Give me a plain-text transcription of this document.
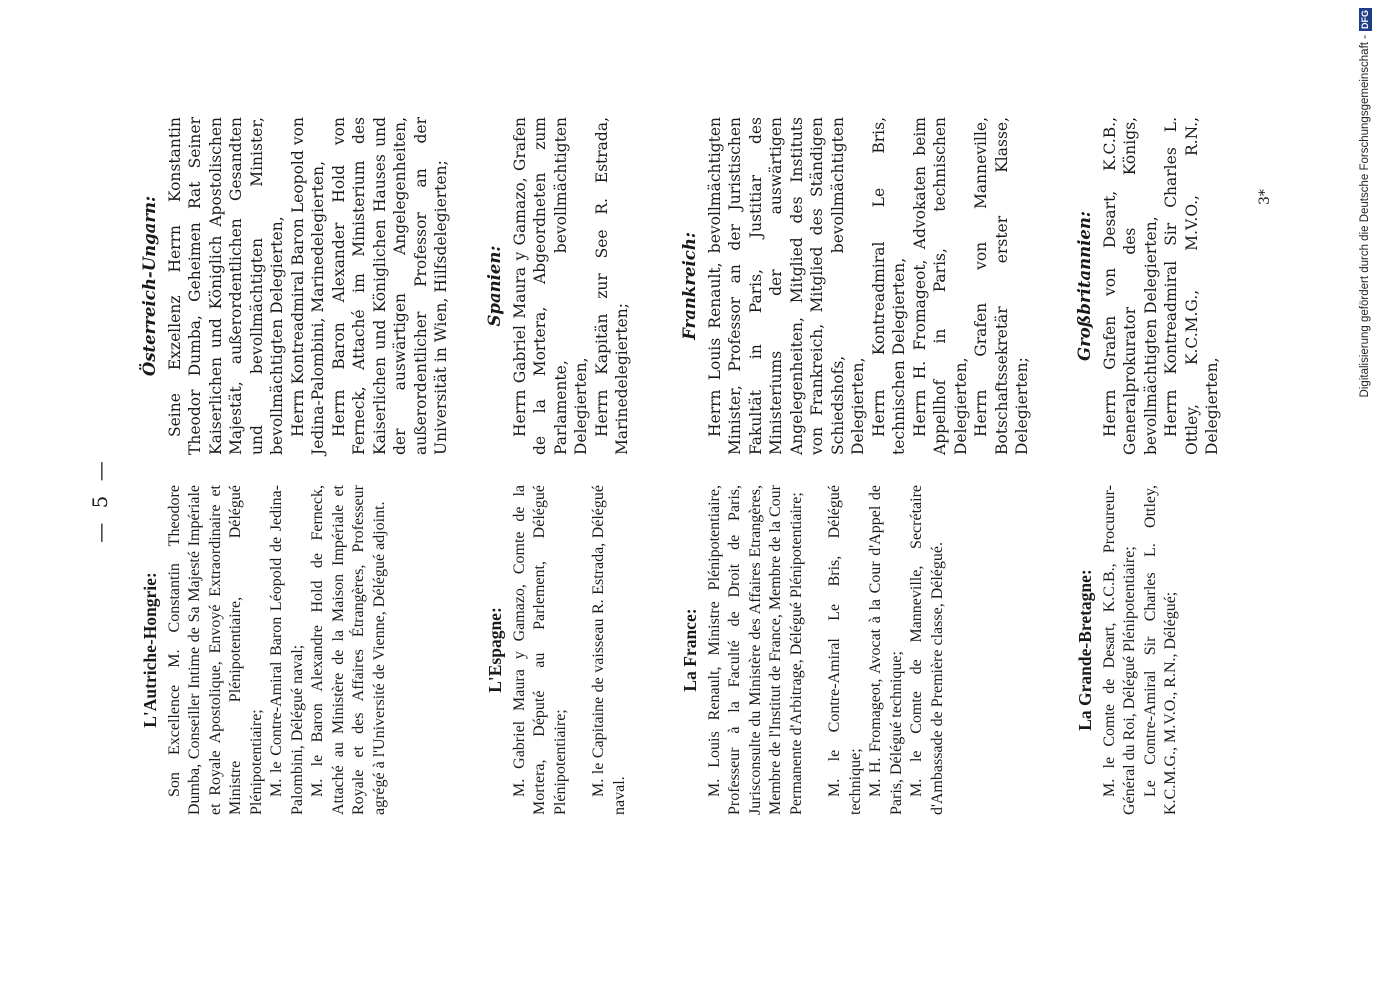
— 5 —
L'Autriche-Hongrie: Son Excellence M. Constantin Theodore Dumba, Conseiller Intime de Sa Majesté Impériale et Royale Apostolique, Envoyé Extraordinaire et Ministre Plénipotentiaire, Délégué Plénipotentiaire; M. le Contre-Amiral Baron Léopold de Jedina-Palombini, Délégué naval; M. le Baron Alexandre Hold de Ferneck, Attaché au Ministère de la Maison Impériale et Royale et des Affaires Étrangères, Professeur agrégé à l'Université de Vienne, Délégué adjoint.	L'Espagne: M. Gabriel Maura y Gamazo, Comte de la Mortera, Député au Parlement, Délégué Plénipotentiaire; M. le Capitaine de vaisseau R. Estrada, Délégué naval.

La France: M. Louis Renault, Ministre Plénipotentiaire, Professeur à la Faculté de Droit de Paris, Jurisconsulte du Ministère des Affaires Etrangères, Membre de l'Institut de France, Membre de la Cour Permanente d'Arbitrage, Délégué Plénipotentiaire; M. le Contre-Amiral Le Bris, Délégué technique; M. H. Fromageot, Avocat à la Cour d'Appel de Paris, Délégué technique; M. le Comte de Manneville, Secrétaire d'Ambassade de Première classe, Délégué.	La Grande-Bretagne: M. le Comte de Desart, K.C.B., Procureur-Général du Roi, Délégué Plénipotentiaire; Le Contre-Amiral Sir Charles L. Ottley, K.C.M.G., M.V.O., R.N., Délégué;

Österreich-Ungarn: Seine Exzellenz Herrn Konstantin Theodor Dumba, Geheimen Rat Seiner Kaiserlichen und Königlich Apostolischen Majestät, außerordentlichen Gesandten und bevollmächtigten Minister, bevollmächtigten Delegierten, Herrn Kontreadmiral Baron Leopold von Jedina-Palombini, Marinedelegierten, Herrn Baron Alexander Hold von Ferneck, Attaché im Ministerium des Kaiserlichen und Königlichen Hauses und der auswärtigen Angelegenheiten, außerordentlicher Professor an der Universität in Wien, Hilfsdelegierten; Spanien: Herrn Gabriel Maura y Gamazo, Grafen de la Mortera, Abgeordneten zum Parlamente, bevollmächtigten Delegierten, Herrn Kapitän zur See R. Estrada, Marinedelegierten;

Frankreich: Herrn Louis Renault, bevollmächtigten Minister, Professor an der Juristischen Fakultät in Paris, Justitiar des Ministeriums der auswärtigen Angelegenheiten, Mitglied des Instituts von Frankreich, Mitglied des Ständigen Schiedshofs, bevollmächtigten Delegierten, Herrn Kontreadmiral Le Bris, technischen Delegierten, Herrn H. Fromageot, Advokaten beim Appellhof in Paris, technischen Delegierten, Herrn Grafen von Manneville, Botschaftssekretär erster Klasse, Delegierten;

Großbritannien: Herrn Grafen von Desart, K.C.B., Generalprokurator des Königs, bevollmächtigten Delegierten, Herrn Kontreadmiral Sir Charles L. Ottley, K.C.M.G., M.V.O., R.N., Delegierten,

3*	Digitalisierung gefördert durch die Deutsche Forschungsgemeinschaft -DFG
